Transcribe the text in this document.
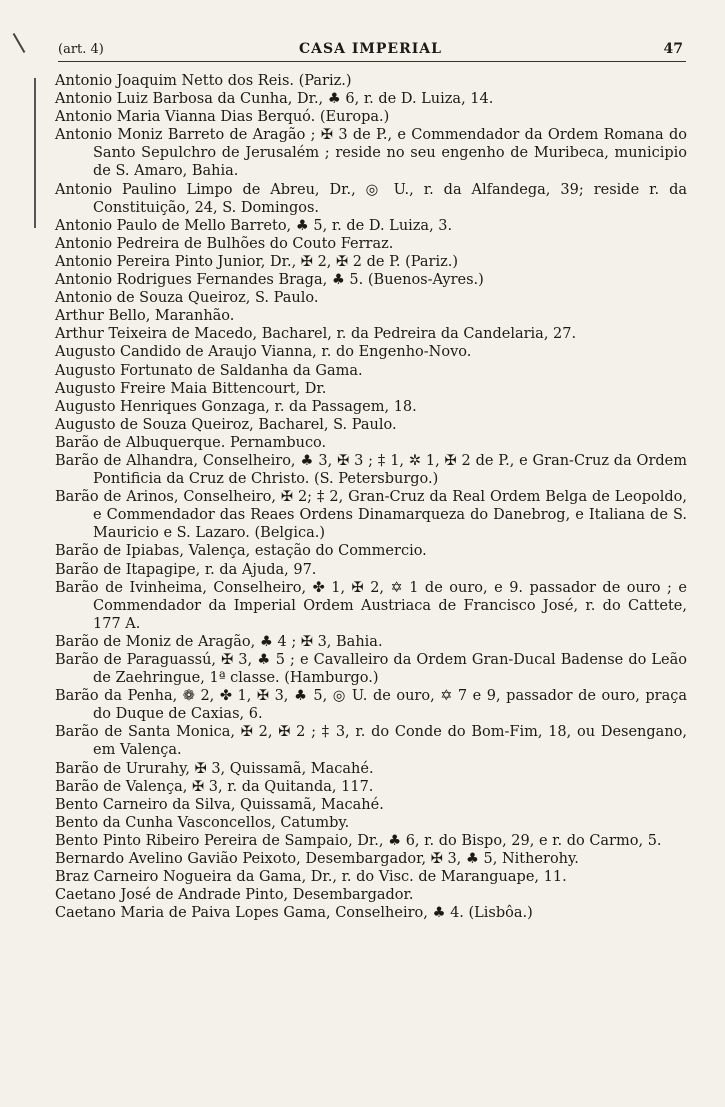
(art. 4)	CASA IMPERIAL	47

Antonio Joaquim Netto dos Reis. (Pariz.)

Antonio Luiz Barbosa da Cunha, Dr., ♣ 6, r. de D. Luiza, 14.

Antonio Maria Vianna Dias Berquó. (Europa.)

Antonio Moniz Barreto de Aragão ; ✠ 3 de P., e Commendador da Ordem Romana do Santo Sepulchro de Jerusalém ; reside no seu engenho de Muribeca, municipio de S. Amaro, Bahia.

Antonio Paulino Limpo de Abreu, Dr., ◎ U., r. da Alfandega, 39; reside r. da Constituição, 24, S. Domingos.

Antonio Paulo de Mello Barreto, ♣ 5, r. de D. Luiza, 3.

Antonio Pedreira de Bulhões do Couto Ferraz.

Antonio Pereira Pinto Junior, Dr., ✠ 2, ✠ 2 de P. (Pariz.)

Antonio Rodrigues Fernandes Braga, ♣ 5. (Buenos-Ayres.)

Antonio de Souza Queiroz, S. Paulo.

Arthur Bello, Maranhão.

Arthur Teixeira de Macedo, Bacharel, r. da Pedreira da Candelaria, 27.

Augusto Candido de Araujo Vianna, r. do Engenho-Novo.

Augusto Fortunato de Saldanha da Gama.

Augusto Freire Maia Bittencourt, Dr.

Augusto Henriques Gonzaga, r. da Passagem, 18.

Augusto de Souza Queiroz, Bacharel, S. Paulo.

Barão de Albuquerque. Pernambuco.

Barão de Alhandra, Conselheiro, ♣ 3, ✠ 3 ; ‡ 1, ✲ 1, ✠ 2 de P., e Gran-Cruz da Ordem Pontificia da Cruz de Christo. (S. Petersburgo.)

Barão de Arinos, Conselheiro, ✠ 2; ‡ 2, Gran-Cruz da Real Ordem Belga de Leopoldo, e Commendador das Reaes Ordens Dinamarqueza do Danebrog, e Italiana de S. Mauricio e S. Lazaro. (Belgica.)

Barão de Ipiabas, Valença, estação do Commercio.

Barão de Itapagipe, r. da Ajuda, 97.

Barão de Ivinheima, Conselheiro, ✤ 1, ✠ 2, ✡ 1 de ouro, e 9. passador de ouro ; e Commendador da Imperial Ordem Austriaca de Francisco José, r. do Cattete, 177 A.

Barão de Moniz de Aragão, ♣ 4 ; ✠ 3, Bahia.

Barão de Paraguassú, ✠ 3, ♣ 5 ; e Cavalleiro da Ordem Gran-Ducal Badense do Leão de Zaehringue, 1ª classe. (Hamburgo.)

Barão da Penha, ❁ 2, ✤ 1, ✠ 3, ♣ 5, ◎ U. de ouro, ✡ 7 e 9, passador de ouro, praça do Duque de Caxias, 6.

Barão de Santa Monica, ✠ 2, ✠ 2 ; ‡ 3, r. do Conde do Bom-Fim, 18, ou Desengano, em Valença.

Barão de Ururahy, ✠ 3, Quissamã, Macahé.

Barão de Valença, ✠ 3, r. da Quitanda, 117.

Bento Carneiro da Silva, Quissamã, Macahé.

Bento da Cunha Vasconcellos, Catumby.

Bento Pinto Ribeiro Pereira de Sampaio, Dr., ♣ 6, r. do Bispo, 29, e r. do Carmo, 5.

Bernardo Avelino Gavião Peixoto, Desembargador, ✠ 3, ♣ 5, Nitherohy.

Braz Carneiro Nogueira da Gama, Dr., r. do Visc. de Maranguape, 11.

Caetano José de Andrade Pinto, Desembargador.

Caetano Maria de Paiva Lopes Gama, Conselheiro, ♣ 4. (Lisbôa.)
